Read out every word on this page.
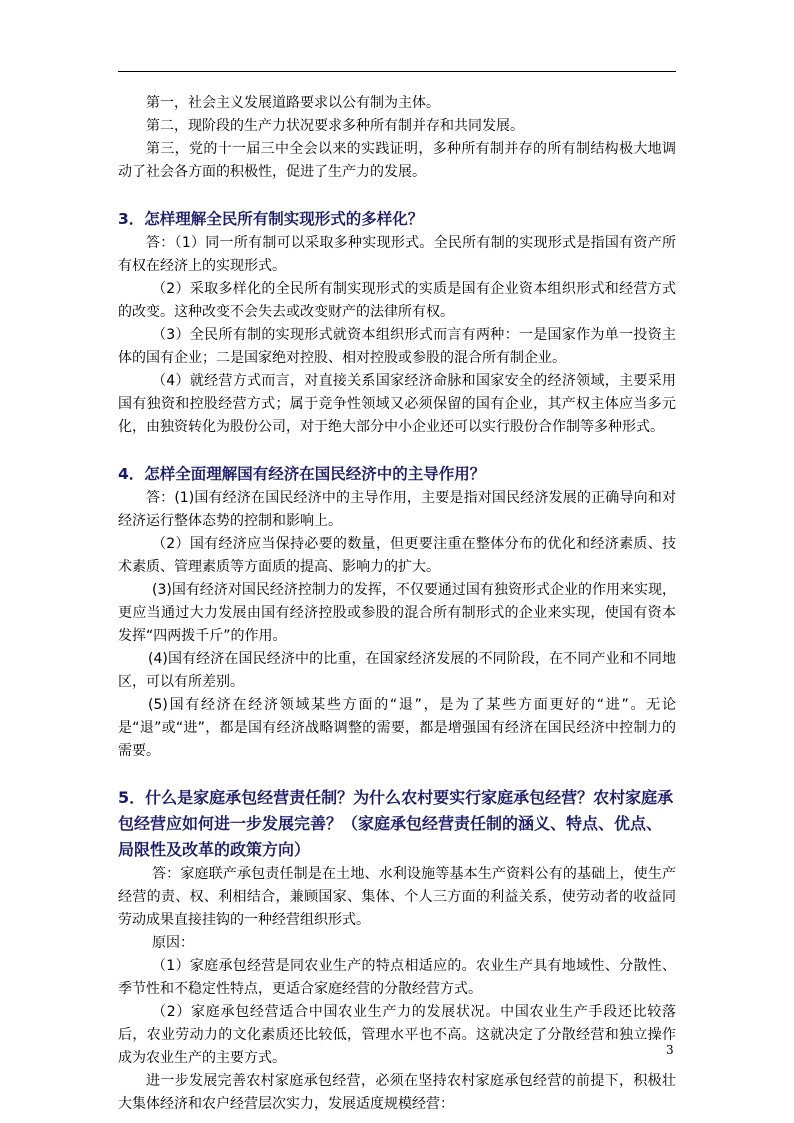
第一，社会主义发展道路要求以公有制为主体。

第二，现阶段的生产力状况要求多种所有制并存和共同发展。

第三，党的十一届三中全会以来的实践证明，多种所有制并存的所有制结构极大地调动了社会各方面的积极性，促进了生产力的发展。

3．怎样理解全民所有制实现形式的多样化？

答：（1）同一所有制可以采取多种实现形式。全民所有制的实现形式是指国有资产所有权在经济上的实现形式。

（2）采取多样化的全民所有制实现形式的实质是国有企业资本组织形式和经营方式的改变。这种改变不会失去或改变财产的法律所有权。

（3）全民所有制的实现形式就资本组织形式而言有两种：一是国家作为单一投资主体的国有企业；二是国家绝对控股、相对控股或参股的混合所有制企业。

（4）就经营方式而言，对直接关系国家经济命脉和国家安全的经济领域，主要采用国有独资和控股经营方式；属于竞争性领域又必须保留的国有企业，其产权主体应当多元化，由独资转化为股份公司，对于绝大部分中小企业还可以实行股份合作制等多种形式。

4．怎样全面理解国有经济在国民经济中的主导作用？

答：(1)国有经济在国民经济中的主导作用，主要是指对国民经济发展的正确导向和对经济运行整体态势的控制和影响上。

（2）国有经济应当保持必要的数量，但更要注重在整体分布的优化和经济素质、技术素质、管理素质等方面质的提高、影响力的扩大。

(3)国有经济对国民经济控制力的发挥，不仅要通过国有独资形式企业的作用来实现，更应当通过大力发展由国有经济控股或参股的混合所有制形式的企业来实现，使国有资本发挥“四两拨千斤”的作用。

(4)国有经济在国民经济中的比重，在国家经济发展的不同阶段，在不同产业和不同地区，可以有所差别。

(5)国有经济在经济领域某些方面的“退”，是为了某些方面更好的“进”。无论是“退”或“进”，都是国有经济战略调整的需要，都是增强国有经济在国民经济中控制力的需要。

5．什么是家庭承包经营责任制？为什么农村要实行家庭承包经营？农村家庭承包经营应如何进一步发展完善？（家庭承包经营责任制的涵义、特点、优点、局限性及改革的政策方向）

答：家庭联产承包责任制是在土地、水利设施等基本生产资料公有的基础上，使生产经营的责、权、利相结合，兼顾国家、集体、个人三方面的利益关系，使劳动者的收益同劳动成果直接挂钩的一种经营组织形式。

原因：

（1）家庭承包经营是同农业生产的特点相适应的。农业生产具有地域性、分散性、季节性和不稳定性特点，更适合家庭经营的分散经营方式。

（2）家庭承包经营适合中国农业生产力的发展状况。中国农业生产手段还比较落后，农业劳动力的文化素质还比较低，管理水平也不高。这就决定了分散经营和独立操作成为农业生产的主要方式。

进一步发展完善农村家庭承包经营，必须在坚持农村家庭承包经营的前提下，积极壮大集体经济和农户经营层次实力，发展适度规模经营：

3
